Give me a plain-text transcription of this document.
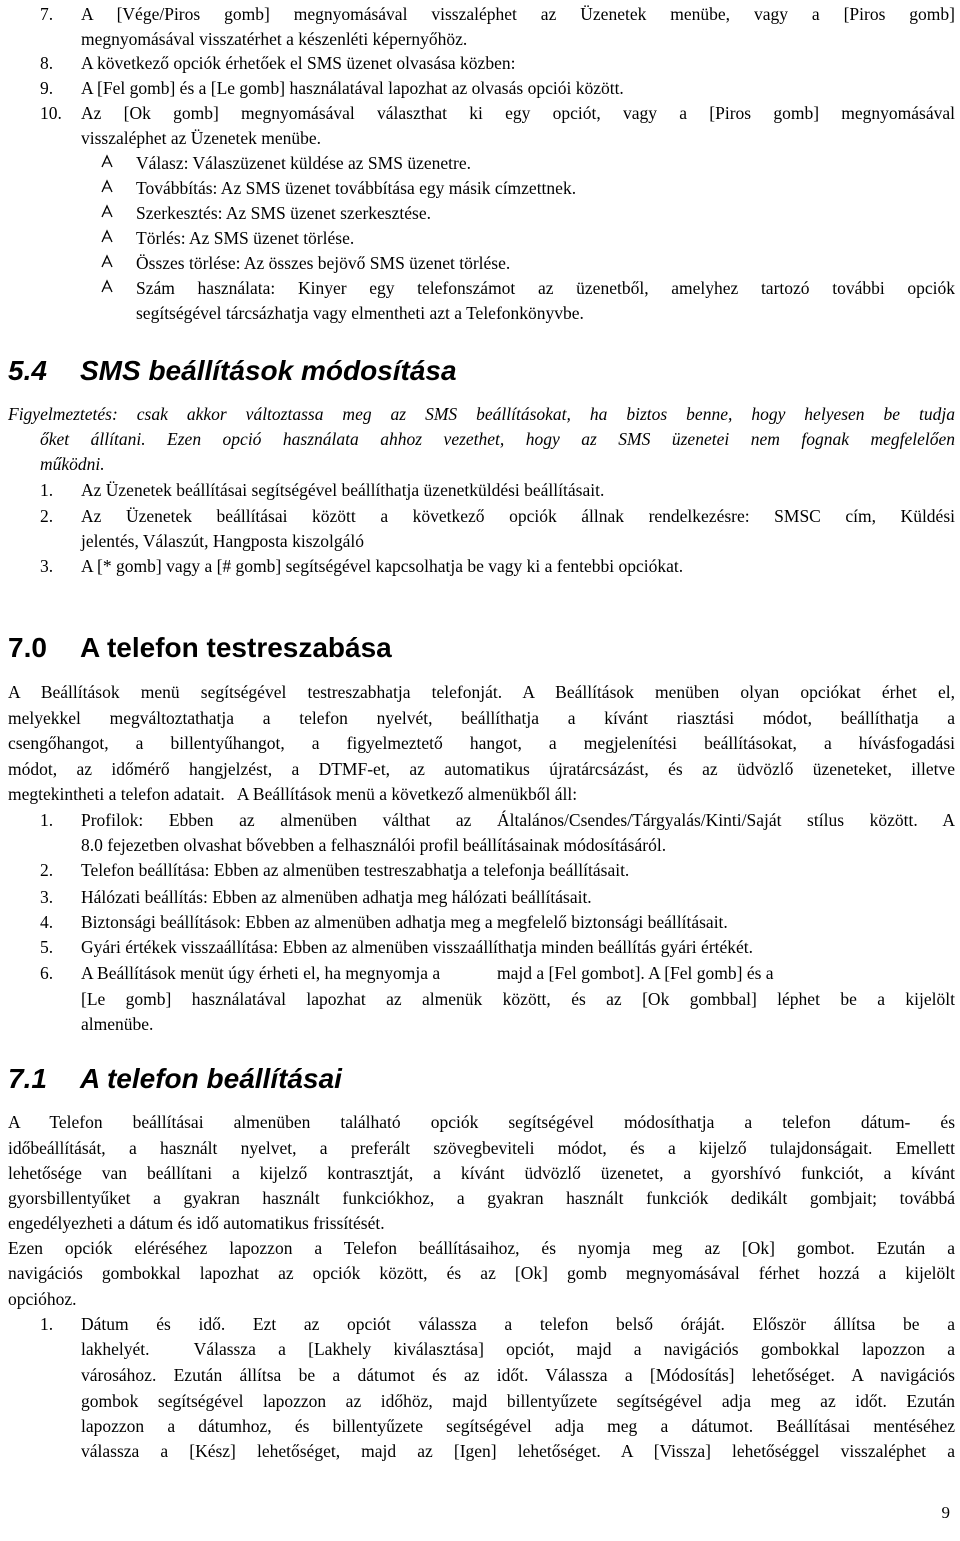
7. A [Vége/Piros gomb] megnyomásával visszaléphet az Üzenetek menübe, vagy a [Piros gomb]
megnyomásával visszatérhet a készenléti képernyőhöz.
8. A következő opciók érhetőek el SMS üzenet olvasása közben:
9. A [Fel gomb] és a [Le gomb] használatával lapozhat az olvasás opciói között.
10. Az [Ok gomb] megnyomásával választhat ki egy opciót, vagy a [Piros gomb] megnyomásával
visszaléphet az Üzenetek menübe.
Válasz: Válaszüzenet küldése az SMS üzenetre.
Továbbítás: Az SMS üzenet továbbítása egy másik címzettnek.
Szerkesztés: Az SMS üzenet szerkesztése.
Törlés: Az SMS üzenet törlése.
Összes törlése: Az összes bejövő SMS üzenet törlése.
Szám használata: Kinyer egy telefonszámot az üzenetből, amelyhez tartozó további opciók
segítségével tárcsázhatja vagy elmentheti azt a Telefonkönyvbe.
5.4 SMS beállítások módosítása
Figyelmeztetés: csak akkor változtassa meg az SMS beállításokat, ha biztos benne, hogy helyesen be tudja
őket állítani. Ezen opció használata ahhoz vezethet, hogy az SMS üzenetei nem fognak megfelelően
működni.
1. Az Üzenetek beállításai segítségével beállíthatja üzenetküldési beállításait.
2. Az Üzenetek beállításai között a következő opciók állnak rendelkezésre: SMSC cím, Küldési
jelentés, Válaszút, Hangposta kiszolgáló
3. A [* gomb] vagy a [# gomb] segítségével kapcsolhatja be vagy ki a fentebbi opciókat.
7.0 A telefon testreszabása
A Beállítások menü segítségével testreszabhatja telefonját. A Beállítások menüben olyan opciókat érhet el,
melyekkel megváltoztathatja a telefon nyelvét, beállíthatja a kívánt riasztási módot, beállíthatja a
csengőhangot, a billentyűhangot, a figyelmeztető hangot, a megjelenítési beállításokat, a hívásfogadási
módot, az időmérő hangjelzést, a DTMF-et, az automatikus újratárcsázást, és az üdvözlő üzeneteket, illetve
megtekintheti a telefon adatait.   A Beállítások menü a következő almenükből áll:
1. Profilok: Ebben az almenüben válthat az Általános/Csendes/Tárgyalás/Kinti/Saját stílus között. A
8.0 fejezetben olvashat bővebben a felhasználói profil beállításainak módosításáról.
2. Telefon beállítása: Ebben az almenüben testreszabhatja a telefonja beállításait.
3. Hálózati beállítás: Ebben az almenüben adhatja meg hálózati beállításait.
4. Biztonsági beállítások: Ebben az almenüben adhatja meg a megfelelő biztonsági beállításait.
5. Gyári értékek visszaállítása: Ebben az almenüben visszaállíthatja minden beállítás gyári értékét.
6. A Beállítások menüt úgy érheti el, ha megnyomja a             majd a [Fel gombot]. A [Fel gomb] és a
[Le gomb] használatával lapozhat az almenük között, és az [Ok gombbal] léphet be a kijelölt
almenübe.
7.1 A telefon beállításai
A Telefon beállításai almenüben található opciók segítségével módosíthatja a telefon dátum- és
időbeállítását, a használt nyelvet, a preferált szövegbeviteli módot, és a kijelző tulajdonságait. Emellett
lehetősége van beállítani a kijelző kontrasztját, a kívánt üdvözlő üzenetet, a gyorshívó funkciót, a kívánt
gyorsbillentyűket a gyakran használt funkciókhoz, a gyakran használt funkciók dedikált gombjait; továbbá
engedélyezheti a dátum és idő automatikus frissítését.
Ezen opciók eléréséhez lapozzon a Telefon beállításaihoz, és nyomja meg az [Ok] gombot. Ezután a
navigációs gombokkal lapozhat az opciók között, és az [Ok] gomb megnyomásával férhet hozzá a kijelölt
opcióhoz.
1. Dátum és idő. Ezt az opciót válassza a telefon belső óráját. Először állítsa be a
lakhelyét.  Válassza a [Lakhely kiválasztása] opciót, majd a navigációs gombokkal lapozzon a
városához. Ezután állítsa be a dátumot és az időt. Válassza a [Módosítás] lehetőséget. A navigációs
gombok segítségével lapozzon az időhöz, majd billentyűzete segítségével adja meg az időt. Ezután
lapozzon a dátumhoz, és billentyűzete segítségével adja meg a dátumot. Beállításai mentéséhez
válassza a [Kész] lehetőséget, majd az [Igen] lehetőséget. A [Vissza] lehetőséggel visszaléphet a
9
